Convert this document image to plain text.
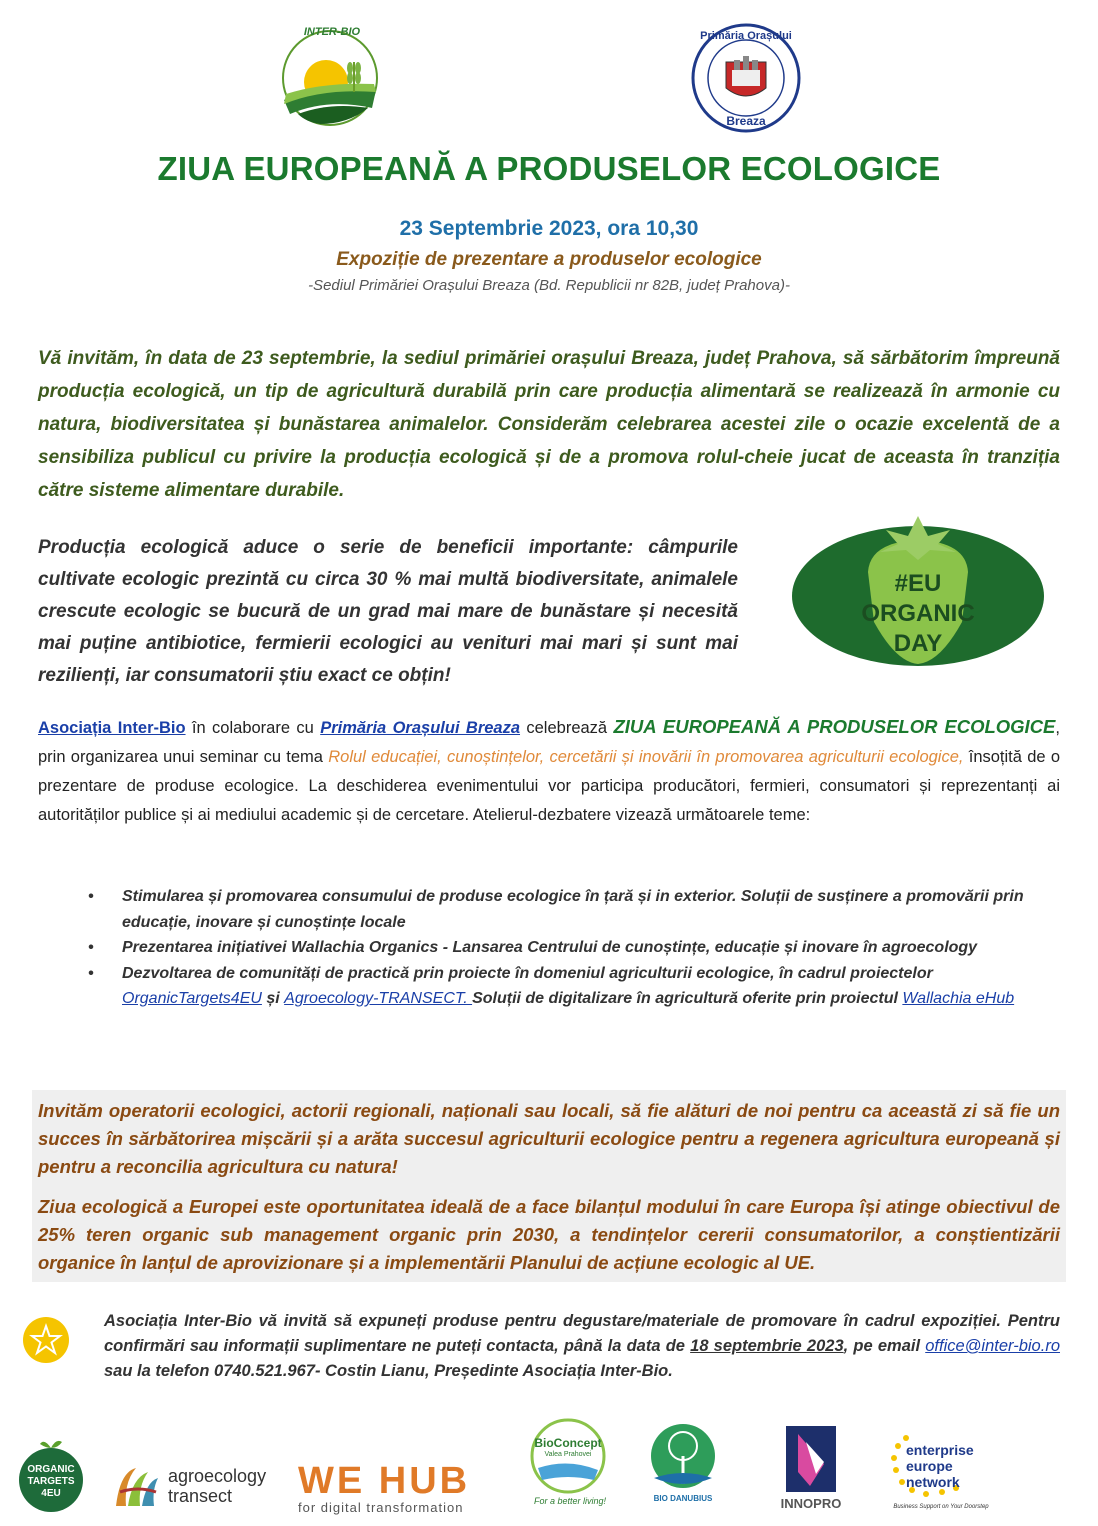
INTER-BIO	Primăria Orașului
Breaza
ZIUA EUROPEANĂ A PRODUSELOR ECOLOGICE
23 Septembrie 2023, ora 10,30
Expoziție de prezentare a produselor ecologice
-Sediul Primăriei Orașului Breaza (Bd. Republicii nr 82B, județ Prahova)-
Vă invităm, în data de 23 septembrie, la sediul primăriei orașului Breaza, județ Prahova, să sărbătorim împreună producția ecologică, un tip de agricultură durabilă prin care producția alimentară se realizează în armonie cu natura, biodiversitatea și bunăstarea animalelor. Considerăm celebrarea acestei zile o ocazie excelentă de a sensibiliza publicul cu privire la producția ecologică și de a promova rolul-cheie jucat de aceasta în tranziția către sisteme alimentare durabile.
Producția ecologică aduce o serie de beneficii importante: câmpurile cultivate ecologic prezintă cu circa 30 % mai multă biodiversitate, animalele crescute ecologic se bucură de un grad mai mare de bunăstare și necesită mai puține antibiotice, fermierii ecologici au venituri mai mari și sunt mai rezilienți, iar consumatorii știu exact ce obțin!
#EU
ORGANIC
DAY
Asociația Inter-Bio în colaborare cu Primăria Orașului Breaza celebrează ZIUA EUROPEANĂ A PRODUSELOR ECOLOGICE, prin organizarea unui seminar cu tema Rolul educației, cunoștințelor, cercetării și inovării în promovarea agriculturii ecologice, însoțită de o prezentare de produse ecologice. La deschiderea evenimentului vor participa producători, fermieri, consumatori și reprezentanți ai autorităților publice și ai mediului academic și de cercetare. Atelierul-dezbatere vizează următoarele teme:
• Stimularea și promovarea consumului de produse ecologice în țară și in exterior. Soluții de susținere a promovării prin educație, inovare și cunoștințe locale
• Prezentarea inițiativei Wallachia Organics - Lansarea Centrului de cunoștințe, educație și inovare în agroecology
• Dezvoltarea de comunități de practică prin proiecte în domeniul agriculturii ecologice, în cadrul proiectelor OrganicTargets4EU și Agroecology-TRANSECT. Soluții de digitalizare în agricultură oferite prin proiectul Wallachia eHub
Invităm operatorii ecologici, actorii regionali, naționali sau locali, să fie alături de noi pentru ca această zi să fie un succes în sărbătorirea mișcării și a arăta succesul agriculturii ecologice pentru a regenera agricultura europeană și pentru a reconcilia agricultura cu natura!
Ziua ecologică a Europei este oportunitatea ideală de a face bilanțul modului în care Europa își atinge obiectivul de 25% teren organic sub management organic prin 2030, a tendințelor cererii consumatorilor, a conștientizării organice în lanțul de aprovizionare și a implementării Planului de acțiune ecologic al UE.
Asociația Inter-Bio vă invită să expuneți produse pentru degustare/materiale de promovare în cadrul expoziției. Pentru confirmări sau informații suplimentare ne puteți contacta, până la data de 18 septembrie 2023, pe email office@inter-bio.ro sau la telefon 0740.521.967- Costin Lianu, Președinte Asociația Inter-Bio.
ORGANIC
TARGETS
4EU
agroecology
transect WE HUB
for digital transformation
BioConcept
Valea Prahovei
For a better living!	BIO DANUBIUS	INNOPRO
enterprise
europe
network
Business Support on Your Doorstep
